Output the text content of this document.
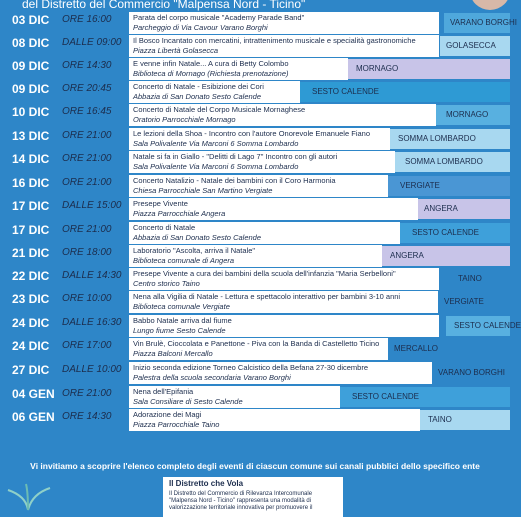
del Distretto del Commercio "Malpensa Nord - Ticino"
03 DIC ORE 16:00	Parata del corpo musicale "Academy Parade Band"
Parcheggio di Via Cavour Varano Borghi
VARANO BORGHI
08 DIC DALLE 09:00 Il Bosco Incantato con mercatini, intrattenimento musicale e specialità gastronomiche
Piazza Libertà Golasecca
GOLASECCA
09 DIC ORE 14:30	E venne infin Natale... A cura di Betty Colombo
Biblioteca di Mornago (Richiesta prenotazione)
MORNAGO
09 DIC ORE 20:45	Concerto di Natale - Esibizione dei Cori
Abbazia di San Donato Sesto Calende
SESTO CALENDE
10 DIC ORE 16:45	Concerto di Natale del Corpo Musicale Mornaghese
Oratorio Parrocchiale Mornago
MORNAGO
13 DIC ORE 21:00	Le lezioni della Shoa - Incontro con l'autore Onorevole Emanuele Fiano
Sala Polivalente Via Marconi 6 Somma Lombardo
SOMMA LOMBARDO
14 DIC ORE 21:00	Natale si fa in Giallo - "Delitti di Lago 7" Incontro con gli autori
Sala Polivalente Via Marconi 6 Somma Lombardo
SOMMA LOMBARDO
16 DIC ORE 21:00	Concerto Natalizio - Natale dei bambini con il Coro Harmonia
Chiesa Parrocchiale San Martino Vergiate
VERGIATE
17 DIC DALLE 15:00 Presepe Vivente
Piazza Parrocchiale Angera
ANGERA
17 DIC ORE 21:00	Concerto di Natale
Abbazia di San Donato Sesto Calende
SESTO CALENDE
21 DIC ORE 18:00	Laboratorio "Ascolta, arriva il Natale"
Biblioteca comunale di Angera
ANGERA
22 DIC DALLE 14:30 Presepe Vivente a cura dei bambini della scuola dell'infanzia "Maria Serbelloni"
Centro storico Taino
TAINO
23 DIC ORE 10:00	Nena alla Vigilia di Natale - Lettura e spettacolo interattivo per bambini 3-10 anni
Biblioteca comunale Vergiate
VERGIATE
24 DIC DALLE 16:30 Babbo Natale arriva dal fiume
Lungo fiume Sesto Calende
SESTO CALENDE
24 DIC ORE 17:00	Vin Brulè, Cioccolata e Panettone - Piva con la Banda di Castelletto Ticino
Piazza Balconi Mercallo
MERCALLO
27 DIC DALLE 10:00 Inizio seconda edizione Torneo Calcistico della Befana 27-30 dicembre
Palestra della scuola secondaria Varano Borghi
VARANO BORGHI
04 GEN ORE 21:00	Nena dell'Epifania
Sala Consiliare di Sesto Calende
SESTO CALENDE
06 GEN ORE 14:30	Adorazione dei Magi
Piazza Parrocchiale Taino
TAINO
Vi invitiamo a scoprire l'elenco completo degli eventi di ciascun comune sui canali pubblici dello specifico ente
Il Distretto che Vola
Il Distretto del Commercio di Rilevanza Intercomunale "Malpensa Nord - Ticino" rappresenta una modalità di valorizzazione territoriale innovativa per promuovere il
